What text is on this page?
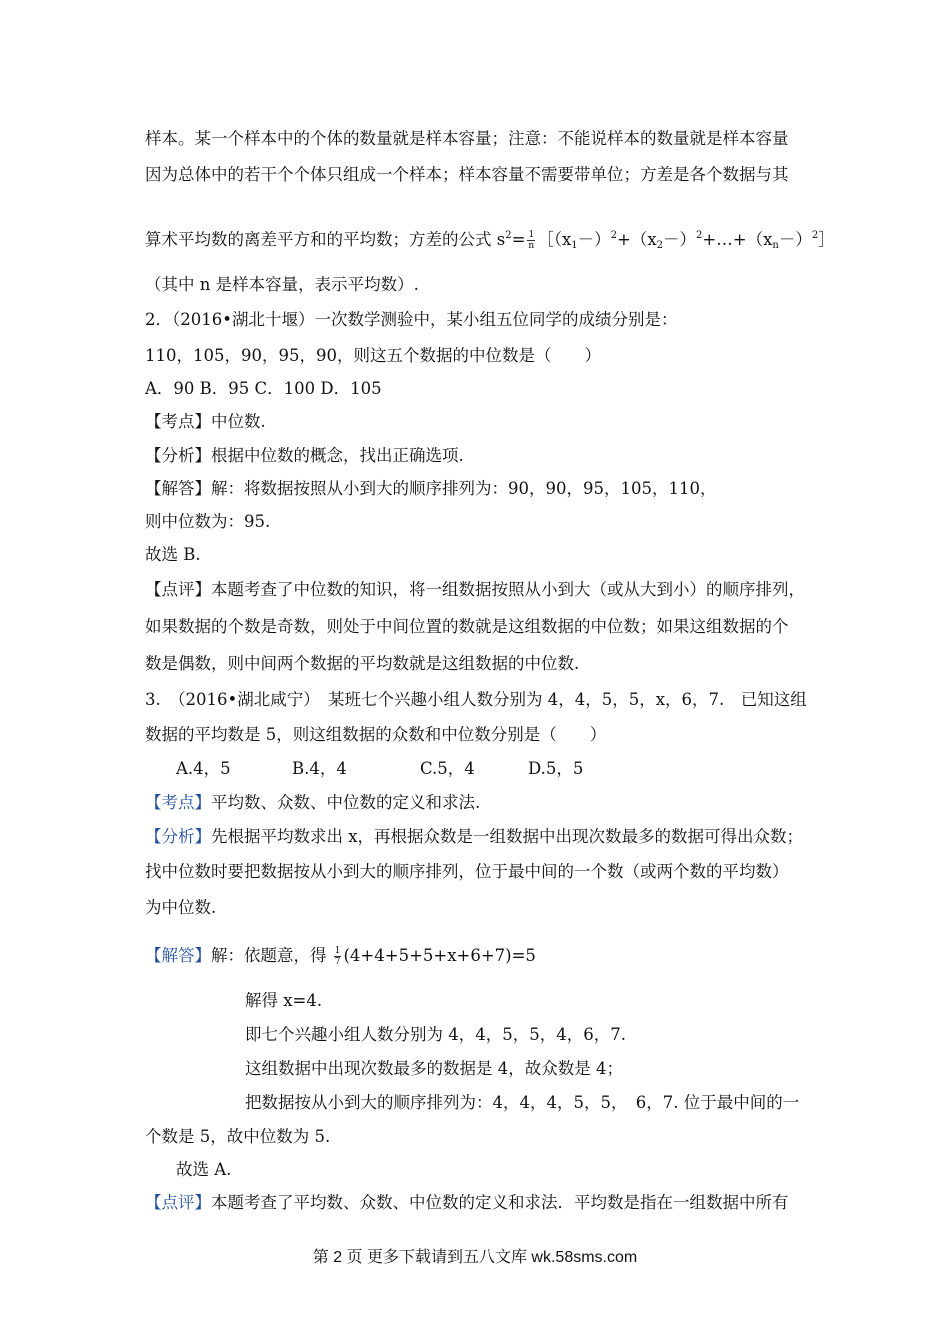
样本。某一个样本中的个体的数量就是样本容量；注意：不能说样本的数量就是样本容量

因为总体中的若干个个体只组成一个样本；样本容量不需要带单位；方差是各个数据与其

算术平均数的离差平方和的平均数；方差的公式 $s^2= \frac{1}{n}$ $[(x_1-)^2+(x_2-)^2+\dots+(x_n-)^2]$

（其中 n 是样本容量，表示平均数）.

2．（2016•湖北十堰）一次数学测验中，某小组五位同学的成绩分别是：

110，105，90，95，90，则这五个数据的中位数是（　　）

A．90 B．95 C．100 D．105

【考点】中位数.

【分析】根据中位数的概念，找出正确选项.

【解答】解：将数据按照从小到大的顺序排列为：90，90，95，105，110，

则中位数为：95.

故选 B.

【点评】本题考查了中位数的知识，将一组数据按照从小到大（或从大到小）的顺序排列，

如果数据的个数是奇数，则处于中间位置的数就是这组数据的中位数；如果这组数据的个

数是偶数，则中间两个数据的平均数就是这组数据的中位数.

3.　（2016•湖北咸宁）　某班七个兴趣小组人数分别为 4，4，5，5，x，6，7.　已知这组

数据的平均数是 5，则这组数据的众数和中位数分别是（　　）

A.4，5	B.4，4	C.5，4	D.5，5

【考点】平均数、众数、中位数的定义和求法.

【分析】先根据平均数求出 x，再根据众数是一组数据中出现次数最多的数据可得出众数；

找中位数时要把数据按从小到大的顺序排列，位于最中间的一个数（或两个数的平均数）

为中位数.

【解答】解：依题意，得 $\frac{1}{7} (4+4+5+5+x+6+7)=5$

解得 x=4.

即七个兴趣小组人数分别为 4，4，5，5，4，6，7.

这组数据中出现次数最多的数据是 4，故众数是 4；

把数据按从小到大的顺序排列为：4，4，4，5，5，　6，7. 位于最中间的一

个数是 5，故中位数为 5.

故选 A.

【点评】本题考查了平均数、众数、中位数的定义和求法．平均数是指在一组数据中所有

第 2 页 更多下载请到五八文库 wk.58sms.com
